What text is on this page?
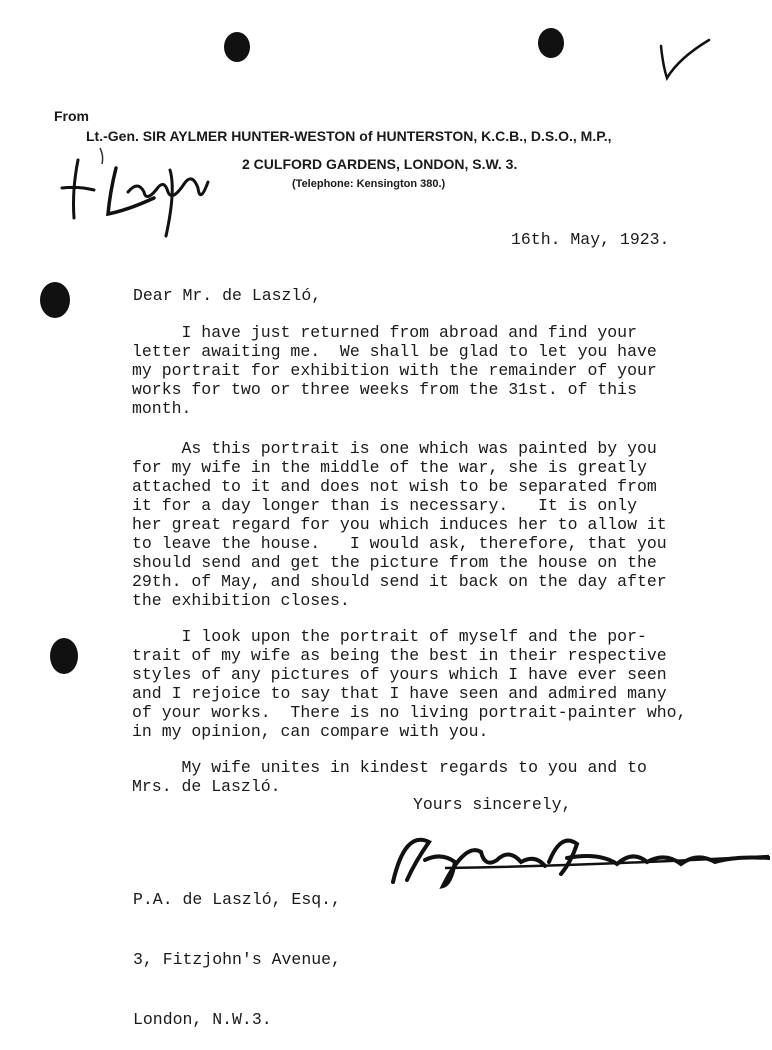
From
Lt.-Gen. SIR AYLMER HUNTER-WESTON of HUNTERSTON, K.C.B., D.S.O., M.P.,
2 CULFORD GARDENS, LONDON, S.W. 3.
(Telephone: Kensington 380.)
16th. May, 1923.
Dear Mr. de Laszló,
I have just returned from abroad and find your
letter awaiting me.  We shall be glad to let you have
my portrait for exhibition with the remainder of your
works for two or three weeks from the 31st. of this
month.
As this portrait is one which was painted by you
for my wife in the middle of the war, she is greatly
attached to it and does not wish to be separated from
it for a day longer than is necessary.   It is only
her great regard for you which induces her to allow it
to leave the house.   I would ask, therefore, that you
should send and get the picture from the house on the
29th. of May, and should send it back on the day after
the exhibition closes.
I look upon the portrait of myself and the por-
trait of my wife as being the best in their respective
styles of any pictures of yours which I have ever seen
and I rejoice to say that I have seen and admired many
of your works.  There is no living portrait-painter who,
in my opinion, can compare with you.
My wife unites in kindest regards to you and to
Mrs. de Laszló.
Yours sincerely,

P.A. de Laszló, Esq.,

3, Fitzjohn's Avenue,

London, N.W.3.
